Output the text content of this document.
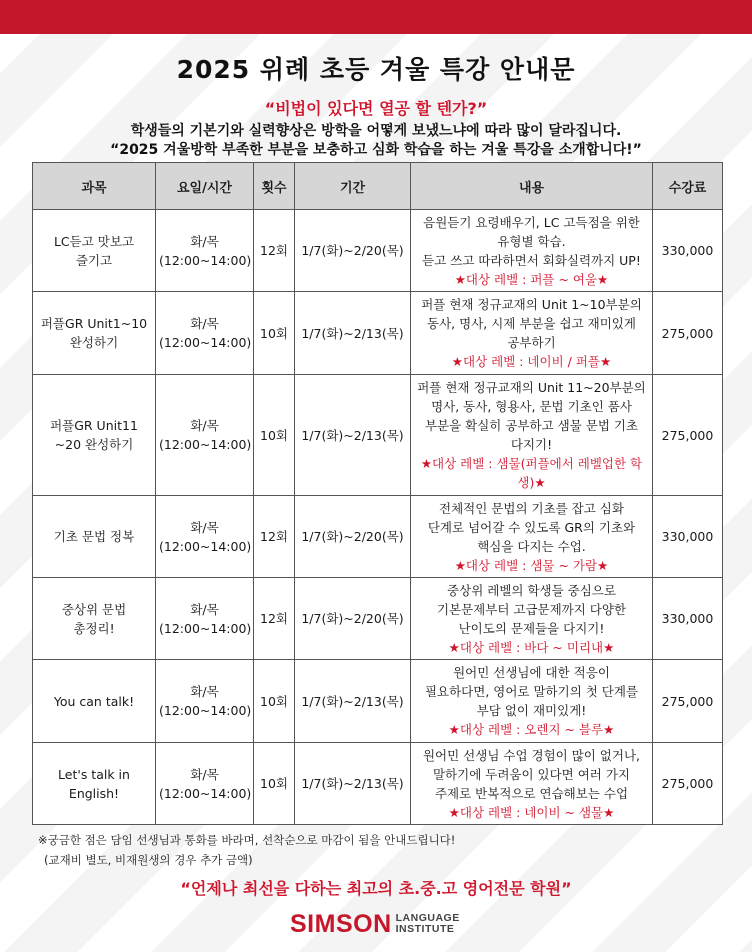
2025 위례 초등 겨울 특강 안내문
“비법이 있다면 열공 할 텐가?”
학생들의 기본기와 실력향상은 방학을 어떻게 보냈느냐에 따라 많이 달라집니다.
“2025 겨울방학 부족한 부분을 보충하고 심화 학습을 하는 겨울 특강을 소개합니다!”
과목	요일/시간	횟수	기간	내용	수강료

LC듣고 맛보고
즐기고	화/목
(12:00~14:00)	12회	1/7(화)~2/20(목)	음원듣기 요령배우기, LC 고득점을 위한
유형별 학습.
듣고 쓰고 따라하면서 회화실력까지 UP!
★대상 레벨 : 퍼플 ~ 여울★	330,000

퍼플GR Unit1~10
완성하기	화/목
(12:00~14:00)	10회	1/7(화)~2/13(목)	퍼플 현재 정규교재의 Unit 1~10부분의
동사, 명사, 시제 부분을 쉽고 재미있게
공부하기
★대상 레벨 : 네이비 / 퍼플★	275,000

퍼플GR Unit11
~20 완성하기	화/목
(12:00~14:00)	10회	1/7(화)~2/13(목)	퍼플 현재 정규교재의 Unit 11~20부분의
명사, 동사, 형용사, 문법 기초인 품사
부분을 확실히 공부하고 샘물 문법 기초
다지기!
★대상 레벨 : 샘물(퍼플에서 레벨업한 학생)★	275,000

기초 문법 정복	화/목
(12:00~14:00)	12회	1/7(화)~2/20(목)	전체적인 문법의 기초를 잡고 심화
단계로 넘어갈 수 있도록 GR의 기초와
핵심을 다지는 수업.
★대상 레벨 : 샘물 ~ 가람★	330,000

중상위 문법
총정리!	화/목
(12:00~14:00)	12회	1/7(화)~2/20(목)	중상위 레벨의 학생들 중심으로
기본문제부터 고급문제까지 다양한
난이도의 문제들을 다지기!
★대상 레벨 : 바다 ~ 미리내★	330,000

You can talk!	화/목
(12:00~14:00)	10회	1/7(화)~2/13(목)	원어민 선생님에 대한 적응이
필요하다면, 영어로 말하기의 첫 단계를
부담 없이 재미있게!
★대상 레벨 : 오렌지 ~ 블루★	275,000

Let's talk in
English!	화/목
(12:00~14:00)	10회	1/7(화)~2/13(목)	원어민 선생님 수업 경험이 많이 없거나,
말하기에 두려움이 있다면 여러 가지
주제로 반복적으로 연습해보는 수업
★대상 레벨 : 네이비 ~ 샘물★	275,000
※궁금한 점은 담임 선생님과 통화를 바라며, 선착순으로 마감이 됨을 안내드립니다!
(교재비 별도, 비재원생의 경우 추가 금액)
“언제나 최선을 다하는 최고의 초.중.고 영어전문 학원”
SIMSON LANGUAGE
INSTITUTE
